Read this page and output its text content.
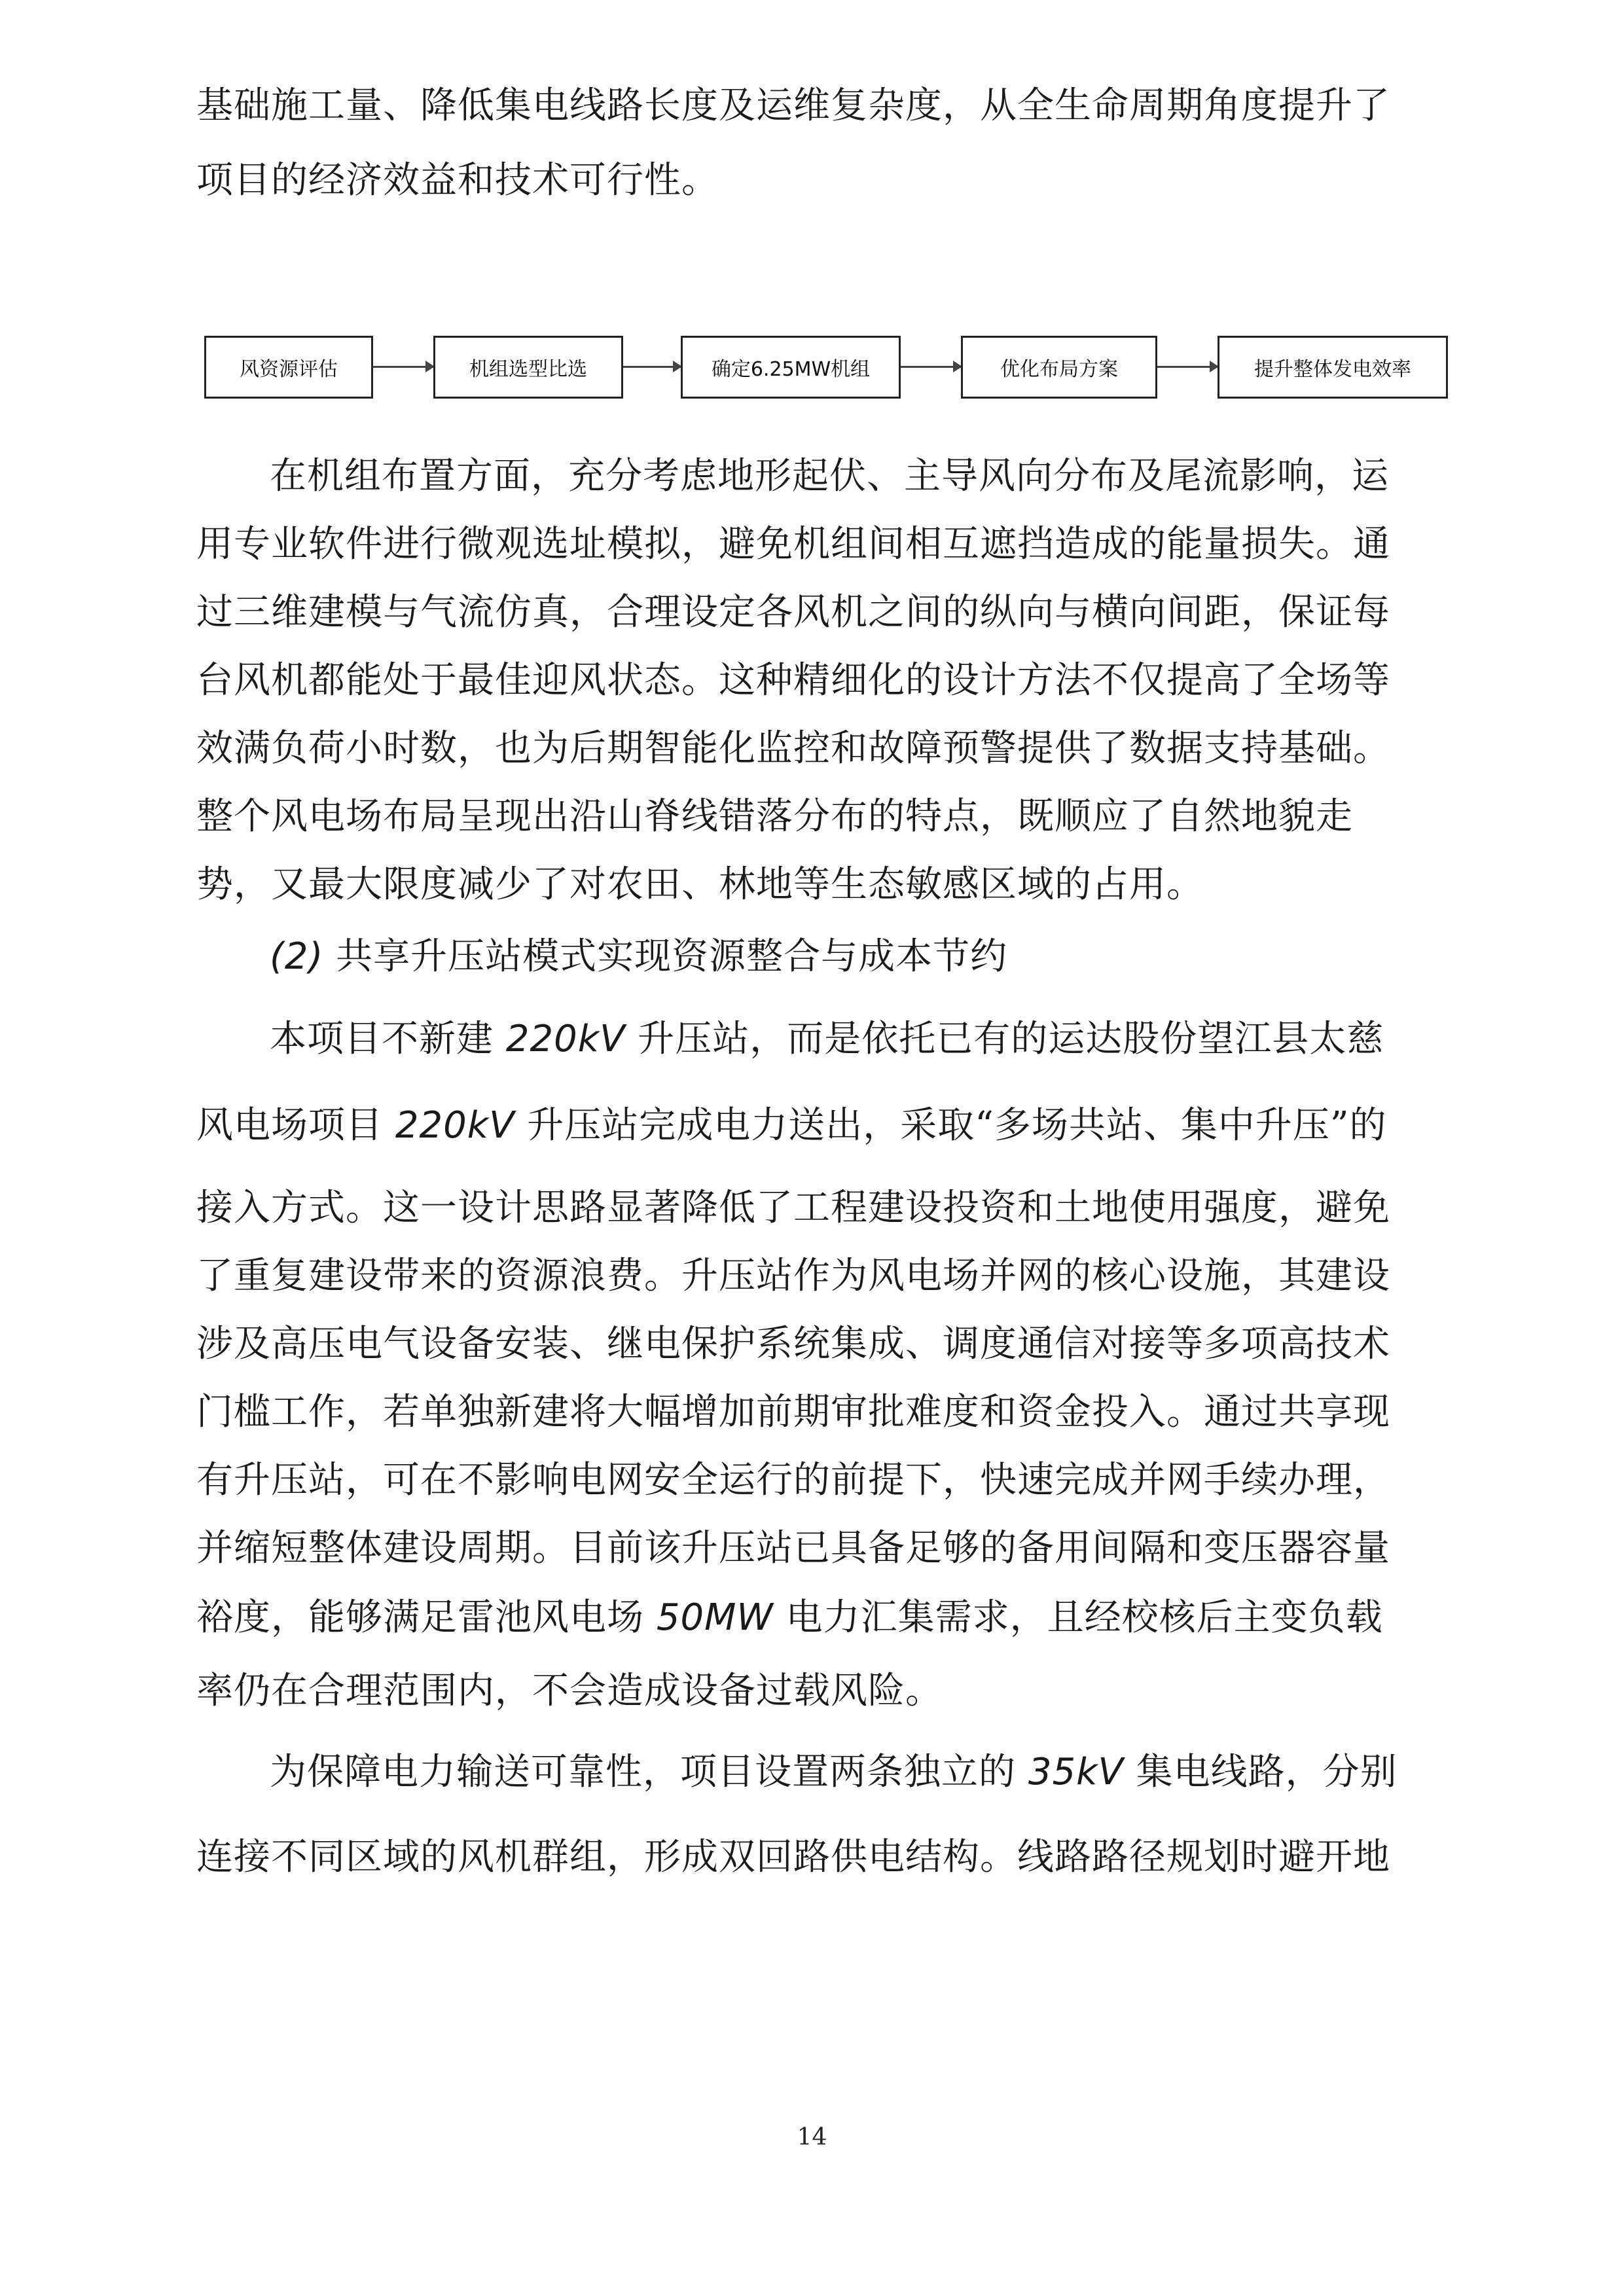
基础施工量、降低集电线路长度及运维复杂度，从全生命周期角度提升了
项目的经济效益和技术可行性。
风资源评估	机组选型比选	确定6.25MW机组	优化布局方案	提升整体发电效率
在机组布置方面，充分考虑地形起伏、主导风向分布及尾流影响，运
用专业软件进行微观选址模拟，避免机组间相互遮挡造成的能量损失。通
过三维建模与气流仿真，合理设定各风机之间的纵向与横向间距，保证每
台风机都能处于最佳迎风状态。这种精细化的设计方法不仅提高了全场等
效满负荷小时数，也为后期智能化监控和故障预警提供了数据支持基础。
整个风电场布局呈现出沿山脊线错落分布的特点，既顺应了自然地貌走
势，又最大限度减少了对农田、林地等生态敏感区域的占用。
(2) 共享升压站模式实现资源整合与成本节约
本项目不新建 220kV 升压站，而是依托已有的运达股份望江县太慈
风电场项目 220kV 升压站完成电力送出，采取“多场共站、集中升压”的
接入方式。这一设计思路显著降低了工程建设投资和土地使用强度，避免
了重复建设带来的资源浪费。升压站作为风电场并网的核心设施，其建设
涉及高压电气设备安装、继电保护系统集成、调度通信对接等多项高技术
门槛工作，若单独新建将大幅增加前期审批难度和资金投入。通过共享现
有升压站，可在不影响电网安全运行的前提下，快速完成并网手续办理，
并缩短整体建设周期。目前该升压站已具备足够的备用间隔和变压器容量
裕度，能够满足雷池风电场 50MW 电力汇集需求，且经校核后主变负载
率仍在合理范围内，不会造成设备过载风险。
为保障电力输送可靠性，项目设置两条独立的 35kV 集电线路，分别
连接不同区域的风机群组，形成双回路供电结构。线路路径规划时避开地
14
